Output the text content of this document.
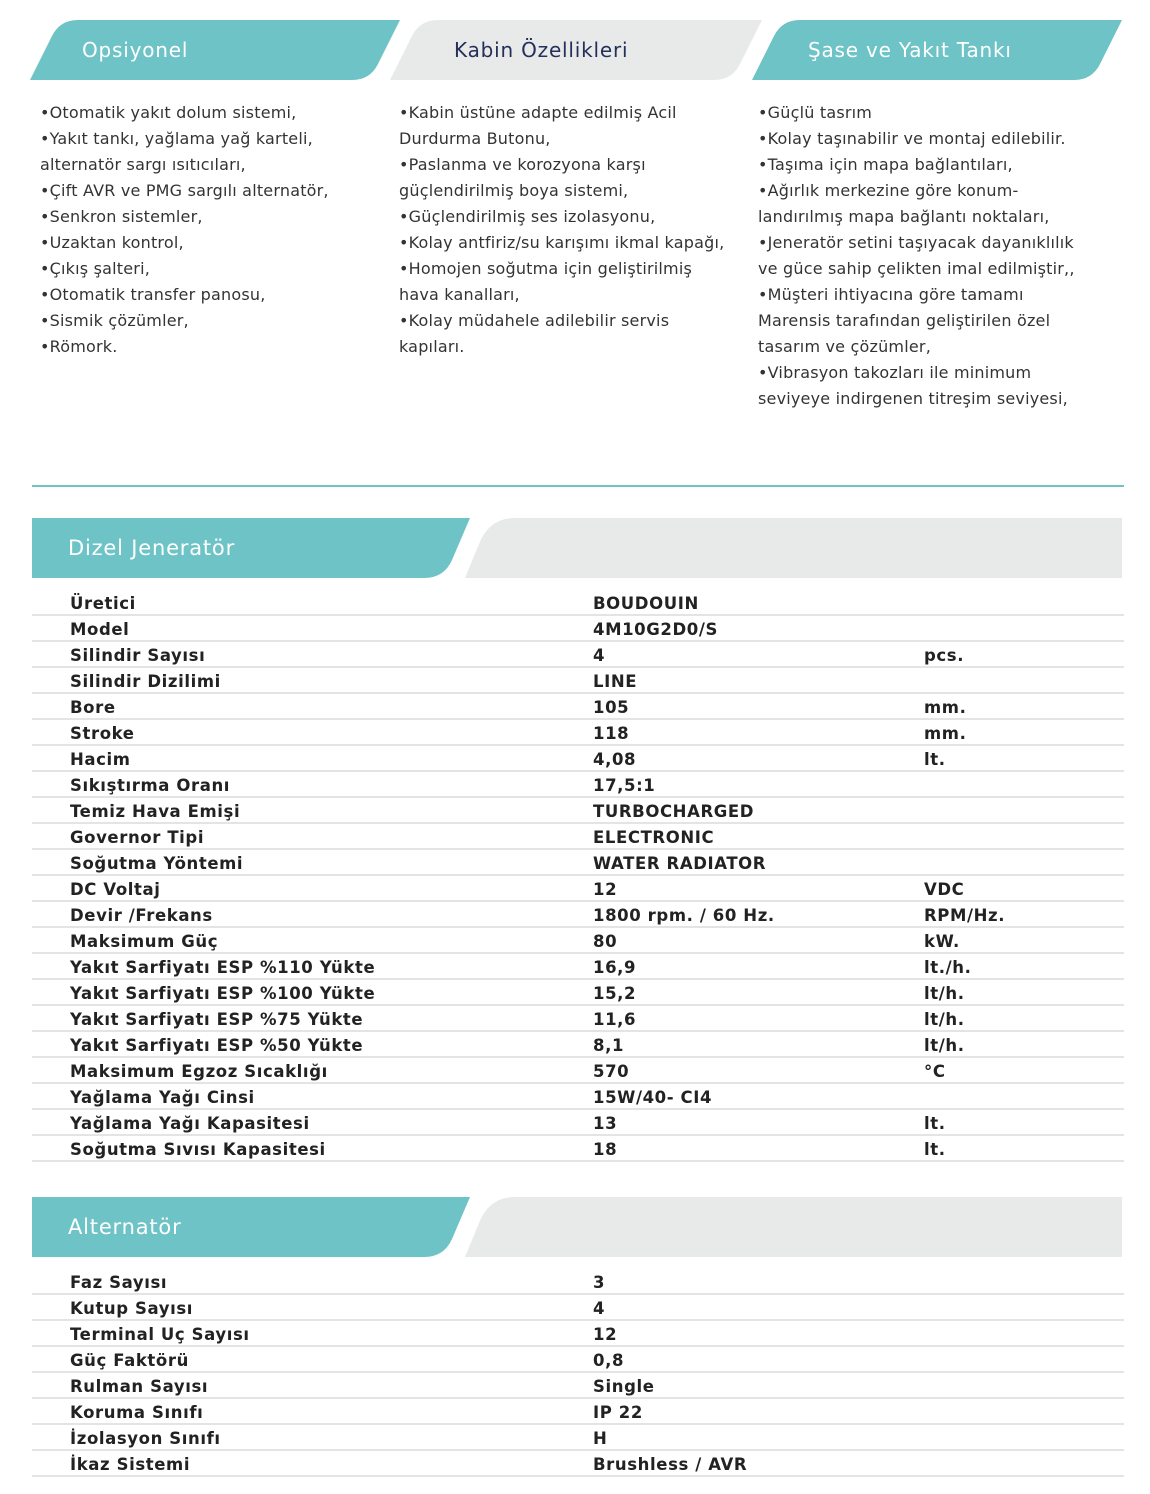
Opsiyonel	Kabin Özellikleri	Şase ve Yakıt Tankı
•Otomatik yakıt dolum sistemi,
•Yakıt tankı, yağlama yağ karteli,
alternatör sargı ısıtıcıları,
•Çift AVR ve PMG sargılı alternatör,
•Senkron sistemler,
•Uzaktan kontrol,
•Çıkış şalteri,
•Otomatik transfer panosu,
•Sismik çözümler,
•Römork.
•Kabin üstüne adapte edilmiş Acil
Durdurma Butonu,
•Paslanma ve korozyona karşı
güçlendirilmiş boya sistemi,
•Güçlendirilmiş ses izolasyonu,
•Kolay antfiriz/su karışımı ikmal kapağı,
•Homojen soğutma için geliştirilmiş
hava kanalları,
•Kolay müdahele adilebilir servis
kapıları.
•Güçlü tasrım
•Kolay taşınabilir ve montaj edilebilir.
•Taşıma için mapa bağlantıları,
•Ağırlık merkezine göre konum-
landırılmış mapa bağlantı noktaları,
•Jeneratör setini taşıyacak dayanıklılık
ve güce sahip çelikten imal edilmiştir,,
•Müşteri ihtiyacına göre tamamı
Marensis tarafından geliştirilen özel
tasarım ve çözümler,
•Vibrasyon takozları ile minimum
seviyeye indirgenen titreşim seviyesi,
Dizel Jeneratör
Üretici	BOUDOUIN
Model	4M10G2D0/S
Silindir Sayısı	4	pcs.
Silindir Dizilimi	LINE
Bore	105	mm.
Stroke	118	mm.
Hacim	4,08	lt.
Sıkıştırma Oranı	17,5:1
Temiz Hava Emişi	TURBOCHARGED
Governor Tipi	ELECTRONIC
Soğutma Yöntemi	WATER RADIATOR
DC Voltaj	12	VDC
Devir /Frekans	1800 rpm. / 60 Hz.	RPM/Hz.
Maksimum Güç	80	kW.
Yakıt Sarfiyatı ESP %110 Yükte	16,9	lt./h.
Yakıt Sarfiyatı ESP %100 Yükte	15,2	lt/h.
Yakıt Sarfiyatı ESP %75 Yükte	11,6	lt/h.
Yakıt Sarfiyatı ESP %50 Yükte	8,1	lt/h.
Maksimum Egzoz Sıcaklığı	570	°C
Yağlama Yağı Cinsi	15W/40- CI4
Yağlama Yağı Kapasitesi	13	lt.
Soğutma Sıvısı Kapasitesi	18	lt.
Alternatör
Faz Sayısı	3
Kutup Sayısı	4
Terminal Uç Sayısı	12
Güç Faktörü	0,8
Rulman Sayısı	Single
Koruma Sınıfı	IP 22
İzolasyon Sınıfı	H
İkaz Sistemi	Brushless / AVR
